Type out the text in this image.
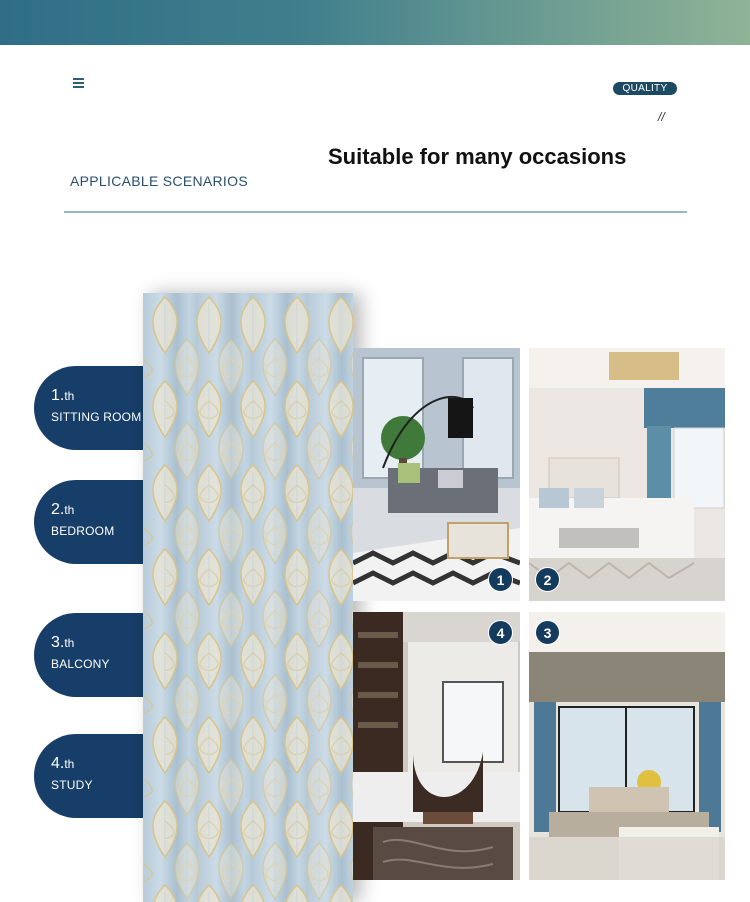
QUALITY
//
Suitable for many occasions
APPLICABLE SCENARIOS
1.th
SITTING ROOM
2.th
BEDROOM
3.th
BALCONY
4.th
STUDY
1	2
4	3
